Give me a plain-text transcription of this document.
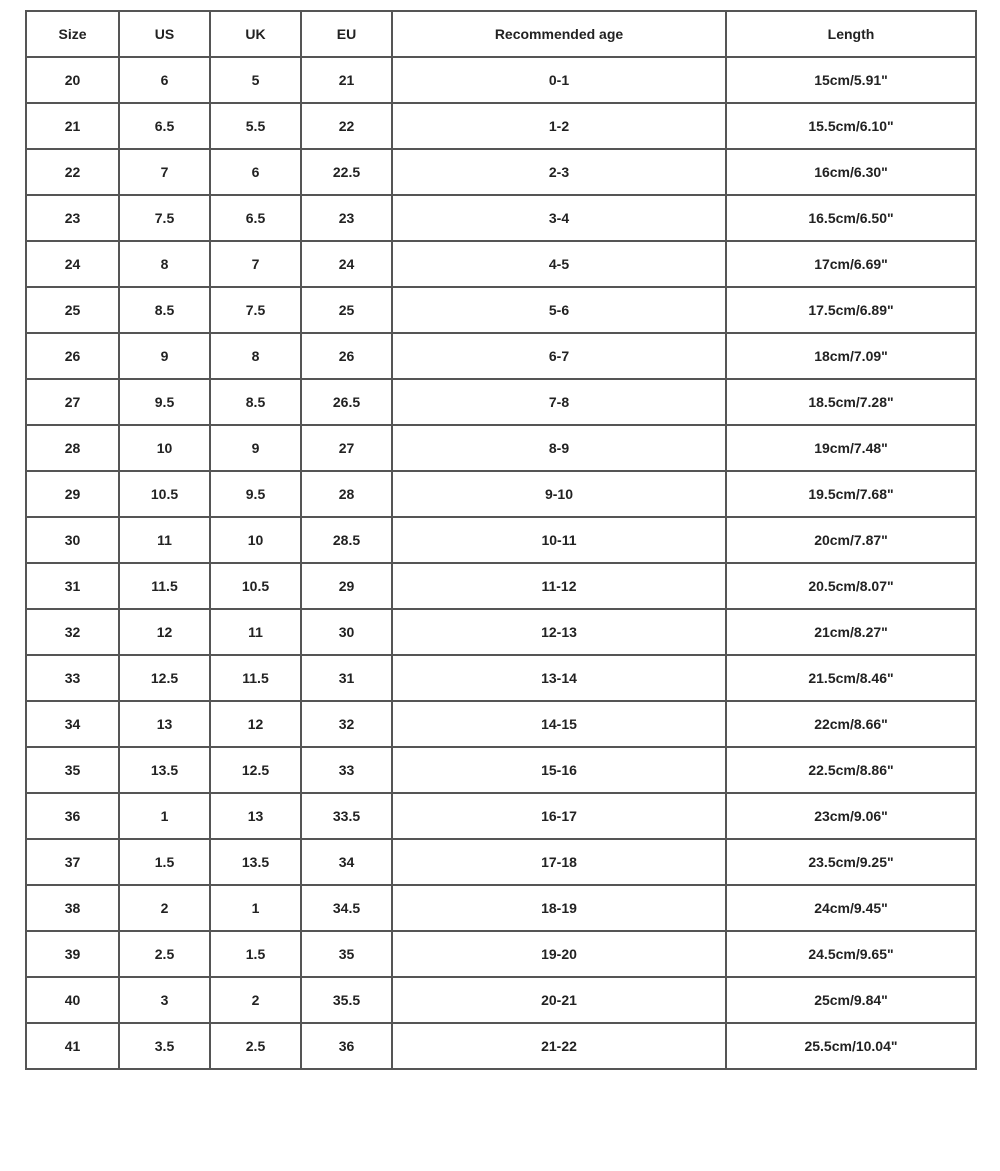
Size	US	UK	EU	Recommended age	Length
20	6	5	21	0-1	15cm/5.91"
21	6.5	5.5	22	1-2	15.5cm/6.10"
22	7	6	22.5	2-3	16cm/6.30"
23	7.5	6.5	23	3-4	16.5cm/6.50"
24	8	7	24	4-5	17cm/6.69"
25	8.5	7.5	25	5-6	17.5cm/6.89"
26	9	8	26	6-7	18cm/7.09"
27	9.5	8.5	26.5	7-8	18.5cm/7.28"
28	10	9	27	8-9	19cm/7.48"
29	10.5	9.5	28	9-10	19.5cm/7.68"
30	11	10	28.5	10-11	20cm/7.87"
31	11.5	10.5	29	11-12	20.5cm/8.07"
32	12	11	30	12-13	21cm/8.27"
33	12.5	11.5	31	13-14	21.5cm/8.46"
34	13	12	32	14-15	22cm/8.66"
35	13.5	12.5	33	15-16	22.5cm/8.86"
36	1	13	33.5	16-17	23cm/9.06"
37	1.5	13.5	34	17-18	23.5cm/9.25"
38	2	1	34.5	18-19	24cm/9.45"
39	2.5	1.5	35	19-20	24.5cm/9.65"
40	3	2	35.5	20-21	25cm/9.84"
41	3.5	2.5	36	21-22	25.5cm/10.04"
